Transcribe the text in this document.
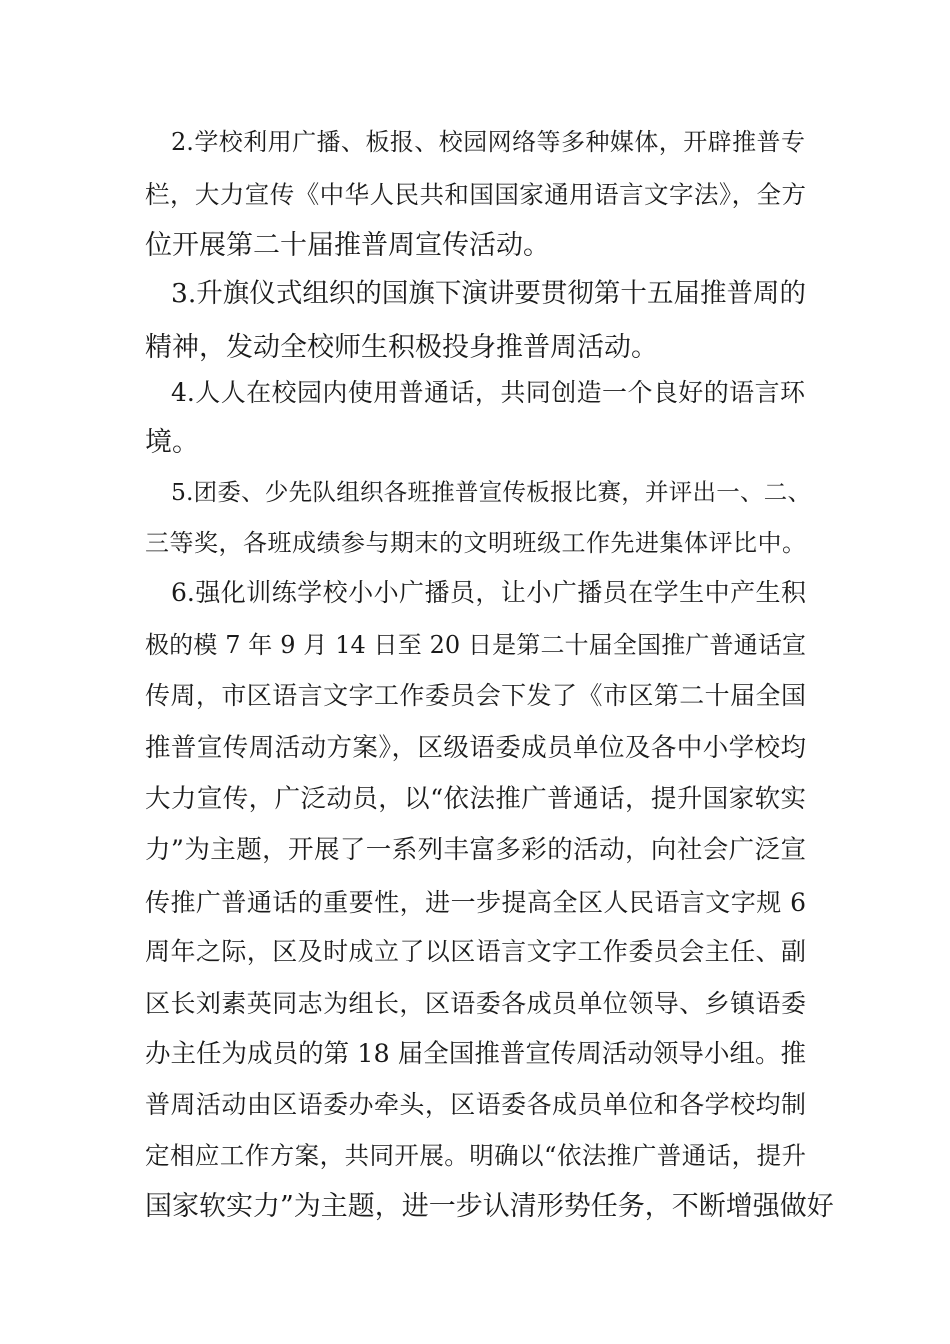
2.学校利用广播、板报、校园网络等多种媒体，开辟推普专
栏，大力宣传《中华人民共和国国家通用语言文字法》，全方
位开展第二十届推普周宣传活动。
3.升旗仪式组织的国旗下演讲要贯彻第十五届推普周的
精神，发动全校师生积极投身推普周活动。
4.人人在校园内使用普通话，共同创造一个良好的语言环
境。
5.团委、少先队组织各班推普宣传板报比赛，并评出一、二、
三等奖，各班成绩参与期末的文明班级工作先进集体评比中。
6.强化训练学校小小广播员，让小广播员在学生中产生积
极的模 7 年 9 月 14 日至 20 日是第二十届全国推广普通话宣
传周，市区语言文字工作委员会下发了《市区第二十届全国
推普宣传周活动方案》，区级语委成员单位及各中小学校均
大力宣传，广泛动员，以“依法推广普通话，提升国家软实
力”为主题，开展了一系列丰富多彩的活动，向社会广泛宣
传推广普通话的重要性，进一步提高全区人民语言文字规 6
周年之际，区及时成立了以区语言文字工作委员会主任、副
区长刘素英同志为组长，区语委各成员单位领导、乡镇语委
办主任为成员的第 18 届全国推普宣传周活动领导小组。推
普周活动由区语委办牵头，区语委各成员单位和各学校均制
定相应工作方案，共同开展。明确以“依法推广普通话，提升
国家软实力”为主题，进一步认清形势任务，不断增强做好
